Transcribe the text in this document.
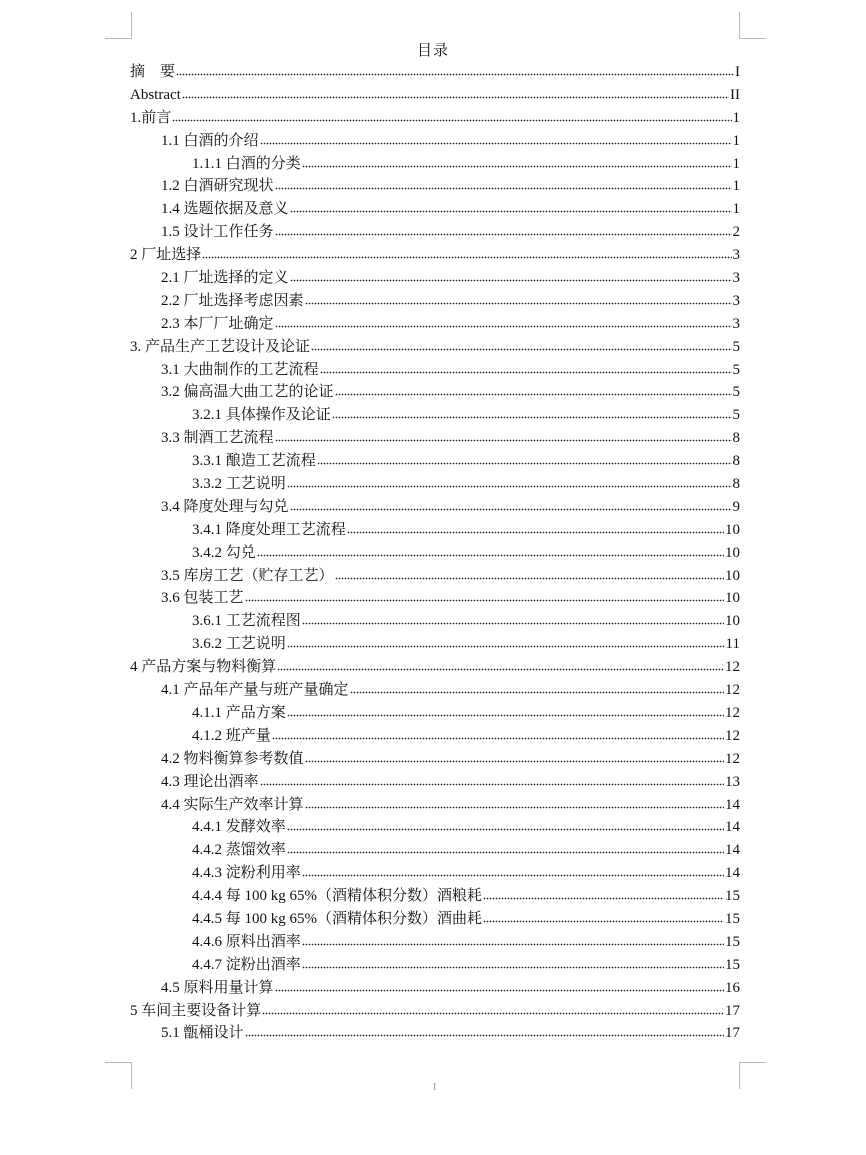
目录
摘　要	I
Abstract	II
1.前言	1
1.1 白酒的介绍	1
1.1.1 白酒的分类	1
1.2 白酒研究现状	1
1.4 选题依据及意义	1
1.5 设计工作任务	2
2 厂址选择	3
2.1 厂址选择的定义	3
2.2 厂址选择考虑因素	3
2.3 本厂厂址确定	3
3. 产品生产工艺设计及论证	5
3.1 大曲制作的工艺流程	5
3.2 偏高温大曲工艺的论证	5
3.2.1 具体操作及论证	5
3.3 制酒工艺流程	8
3.3.1 酿造工艺流程	8
3.3.2 工艺说明	8
3.4 降度处理与勾兑	9
3.4.1 降度处理工艺流程	10
3.4.2 勾兑	10
3.5 库房工艺（贮存工艺）	10
3.6 包装工艺	10
3.6.1 工艺流程图	10
3.6.2 工艺说明	11
4 产品方案与物料衡算	12
4.1 产品年产量与班产量确定	12
4.1.1 产品方案	12
4.1.2 班产量	12
4.2 物料衡算参考数值	12
4.3 理论出酒率	13
4.4 实际生产效率计算	14
4.4.1 发酵效率	14
4.4.2 蒸馏效率	14
4.4.3 淀粉利用率	14
4.4.4 每 100 kg 65%（酒精体积分数）酒粮耗	15
4.4.5 每 100 kg 65%（酒精体积分数）酒曲耗	15
4.4.6 原料出酒率	15
4.4.7 淀粉出酒率	15
4.5 原料用量计算	16
5 车间主要设备计算	17
5.1 甑桶设计	17
I
